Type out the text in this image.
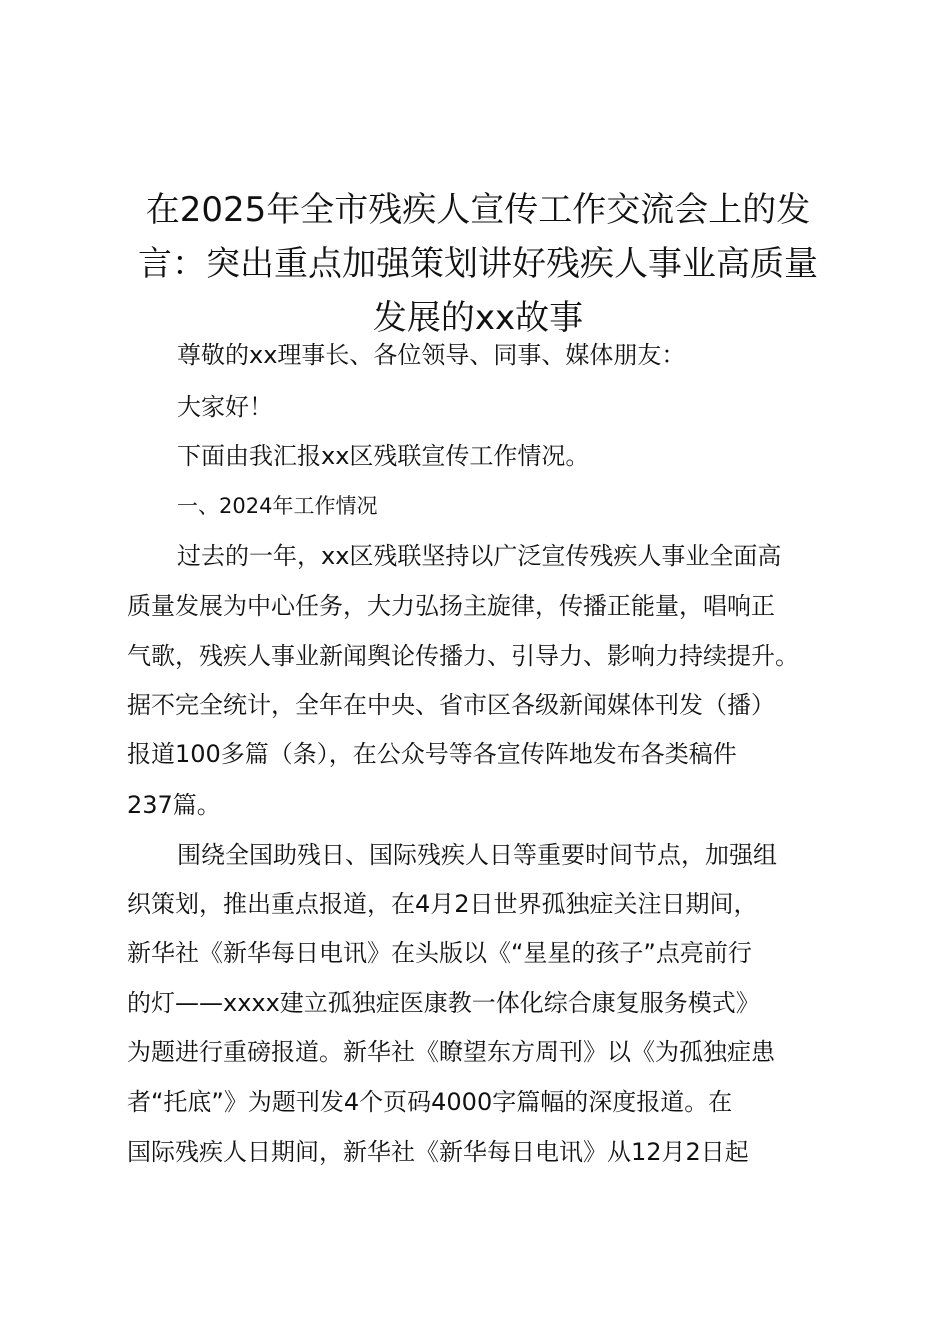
在2025年全市残疾人宣传工作交流会上的发
言：突出重点加强策划讲好残疾人事业高质量
发展的xx故事
尊敬的xx理事长、各位领导、同事、媒体朋友：
大家好！
下面由我汇报xx区残联宣传工作情况。
一、2024年工作情况
过去的一年，xx区残联坚持以广泛宣传残疾人事业全面高
质量发展为中心任务，大力弘扬主旋律，传播正能量，唱响正
气歌，残疾人事业新闻舆论传播力、引导力、影响力持续提升。
据不完全统计，全年在中央、省市区各级新闻媒体刊发（播）
报道100多篇（条），在公众号等各宣传阵地发布各类稿件
237篇。
围绕全国助残日、国际残疾人日等重要时间节点，加强组
织策划，推出重点报道，在4月2日世界孤独症关注日期间，
新华社《新华每日电讯》在头版以《“星星的孩子”点亮前行
的灯——xxxx建立孤独症医康教一体化综合康复服务模式》
为题进行重磅报道。新华社《瞭望东方周刊》以《为孤独症患
者“托底”》为题刊发4个页码4000字篇幅的深度报道。在
国际残疾人日期间，新华社《新华每日电讯》从12月2日起
